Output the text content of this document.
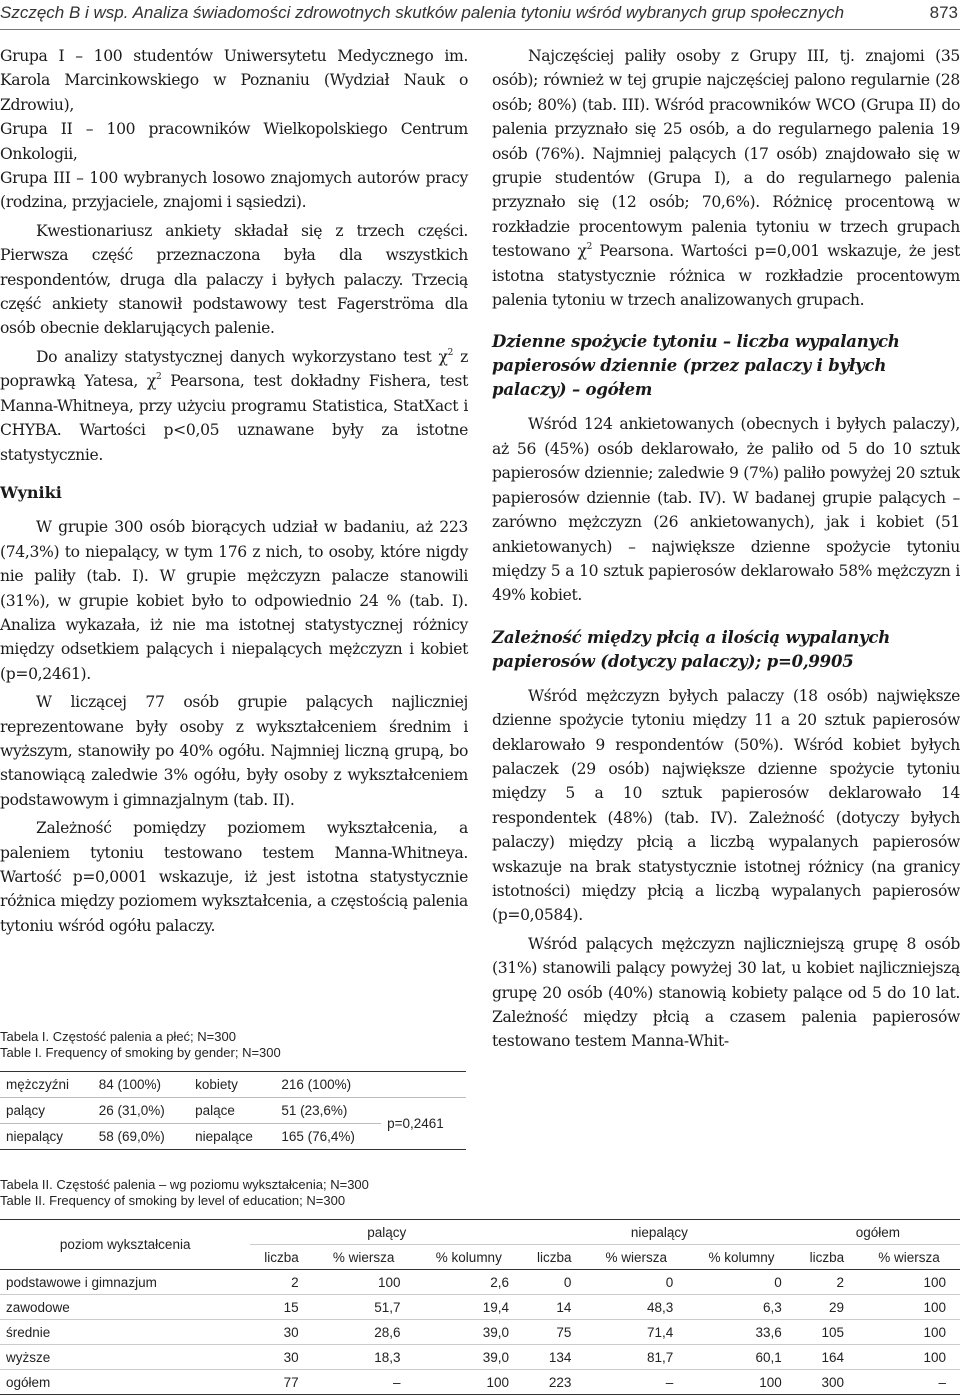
Szczęch B i wsp. Analiza świadomości zdrowotnych skutków palenia tytoniu wśród wybranych grup społecznych	873

Grupa I – 100 studentów Uniwersytetu Medycznego im. Karola Marcinkowskiego w Poznaniu (Wydział Nauk o Zdrowiu),

Grupa II – 100 pracowników Wielkopolskiego Centrum Onkologii,

Grupa III – 100 wybranych losowo znajomych autorów pracy (rodzina, przyjaciele, znajomi i sąsiedzi).

Kwestionariusz ankiety składał się z trzech części. Pierwsza część przeznaczona była dla wszystkich respondentów, druga dla palaczy i byłych palaczy. Trzecią część ankiety stanowił podstawowy test Fagerströma dla osób obecnie deklarujących palenie.

Do analizy statystycznej danych wykorzystano test $\chi^2$ z poprawką Yatesa, $\chi^2$ Pearsona, test dokładny Fishera, test Manna-Whitneya, przy użyciu programu Statistica, StatXact i CHYBA. Wartości p<0,05 uznawane były za istotne statystycznie.

Wyniki

W grupie 300 osób biorących udział w badaniu, aż 223 (74,3%) to niepalący, w tym 176 z nich, to osoby, które nigdy nie paliły (tab. I). W grupie mężczyzn palacze stanowili (31%), w grupie kobiet było to odpowiednio 24 % (tab. I). Analiza wykazała, iż nie ma istotnej statystycznej różnicy między odsetkiem palących i niepalących mężczyzn i kobiet (p=0,2461).

W liczącej 77 osób grupie palących najliczniej reprezentowane były osoby z wykształceniem średnim i wyższym, stanowiły po 40% ogółu. Najmniej liczną grupą, bo stanowiącą zaledwie 3% ogółu, były osoby z wykształceniem podstawowym i gimnazjalnym (tab. II).

Zależność pomiędzy poziomem wykształcenia, a paleniem tytoniu testowano testem Manna-Whitneya. Wartość p=0,0001 wskazuje, iż jest istotna statystycznie różnica między poziomem wykształcenia, a częstością palenia tytoniu wśród ogółu palaczy.

Najczęściej paliły osoby z Grupy III, tj. znajomi (35 osób); również w tej grupie najczęściej palono regularnie (28 osób; 80%) (tab. III). Wśród pracowników WCO (Grupa II) do palenia przyznało się 25 osób, a do regularnego palenia 19 osób (76%). Najmniej palących (17 osób) znajdowało się w grupie studentów (Grupa I), a do regularnego palenia przyznało się (12 osób; 70,6%). Różnicę procentową w rozkładzie procentowym palenia tytoniu w trzech grupach testowano $\chi^2$ Pearsona. Wartości p=0,001 wskazuje, że jest istotna statystycznie różnica w rozkładzie procentowym palenia tytoniu w trzech analizowanych grupach.

Dzienne spożycie tytoniu – liczba wypalanych papierosów dziennie (przez palaczy i byłych palaczy) – ogółem

Wśród 124 ankietowanych (obecnych i byłych palaczy), aż 56 (45%) osób deklarowało, że paliło od 5 do 10 sztuk papierosów dziennie; zaledwie 9 (7%) paliło powyżej 20 sztuk papierosów dziennie (tab. IV). W badanej grupie palących – zarówno mężczyzn (26 ankietowanych), jak i kobiet (51 ankietowanych) – największe dzienne spożycie tytoniu między 5 a 10 sztuk papierosów deklarowało 58% mężczyzn i 49% kobiet.

Zależność między płcią a ilością wypalanych papierosów (dotyczy palaczy); p=0,9905

Wśród mężczyzn byłych palaczy (18 osób) największe dzienne spożycie tytoniu między 11 a 20 sztuk papierosów deklarowało 9 respondentów (50%). Wśród kobiet byłych palaczek (29 osób) największe dzienne spożycie tytoniu między 5 a 10 sztuk papierosów deklarowało 14 respondentek (48%) (tab. IV). Zależność (dotyczy byłych palaczy) między płcią a liczbą wypalanych papierosów wskazuje na brak statystycznie istotnej różnicy (na granicy istotności) między płcią a liczbą wypalanych papierosów (p=0,0584).

Wśród palących mężczyzn najliczniejszą grupę 8 osób (31%) stanowili palący powyżej 30 lat, u kobiet najliczniejszą grupę 20 osób (40%) stanowią kobiety palące od 5 do 10 lat. Zależność między płcią a czasem palenia papierosów testowano testem Manna-Whit-

Tabela I. Częstość palenia a płeć; N=300
Table I. Frequency of smoking by gender; N=300
mężczyźni	84 (100%)	kobiety	216 (100%)	
palący	26 (31,0%)	palące	51 (23,6%)	p=0,2461
niepalący	58 (69,0%)	niepalące	165 (76,4%)	
Tabela II. Częstość palenia – wg poziomu wykształcenia; N=300
Table II. Frequency of smoking by level of education; N=300
poziom wykształcenia	palący			niepalący			ogółem	
	liczba	% wiersza	% kolumny	liczba	% wiersza	% kolumny	liczba	% wiersza
podstawowe i gimnazjum	2	100	2,6	0	0	0	2	100
zawodowe	15	51,7	19,4	14	48,3	6,3	29	100
średnie	30	28,6	39,0	75	71,4	33,6	105	100
wyższe	30	18,3	39,0	134	81,7	60,1	164	100
ogółem	77	–	100	223	–	100	300	–
